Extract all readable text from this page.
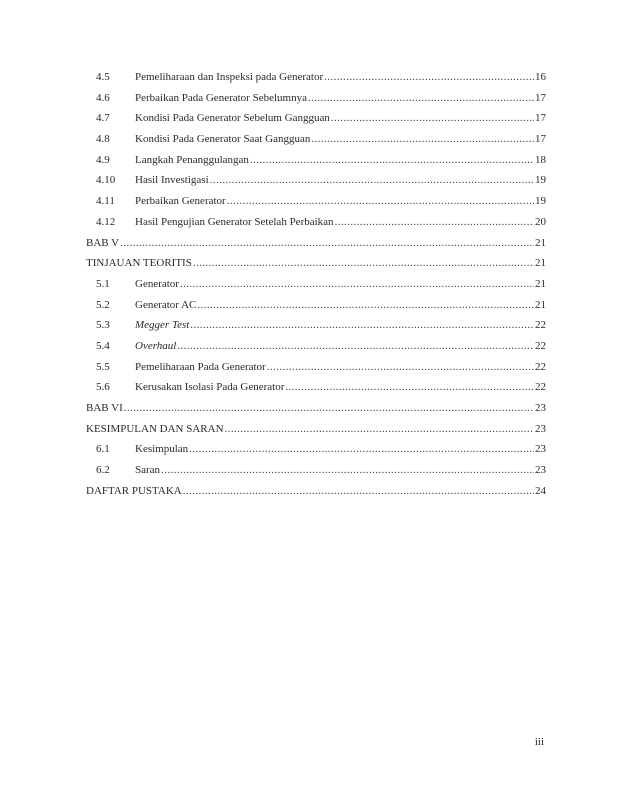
4.5	Pemeliharaan dan Inspeksi pada Generator .....	16
4.6	Perbaikan Pada Generator Sebelumnya .....	17
4.7	Kondisi Pada Generator Sebelum Gangguan .....	17
4.8	Kondisi Pada Generator Saat Gangguan .....	17
4.9	Langkah Penanggulangan .....	18
4.10	Hasil Investigasi .....	19
4.11	Perbaikan Generator .....	19
4.12	Hasil Pengujian Generator Setelah Perbaikan .....	20
BAB V .....	21
TINJAUAN TEORITIS .....	21
5.1	Generator .....	21
5.2	Generator AC .....	21
5.3	Megger Test .....	22
5.4	Overhaul .....	22
5.5	Pemeliharaan Pada Generator .....	22
5.6	Kerusakan Isolasi Pada Generator .....	22
BAB VI .....	23
KESIMPULAN DAN SARAN .....	23
6.1	Kesimpulan .....	23
6.2	Saran .....	23
DAFTAR PUSTAKA .....	24
iii
